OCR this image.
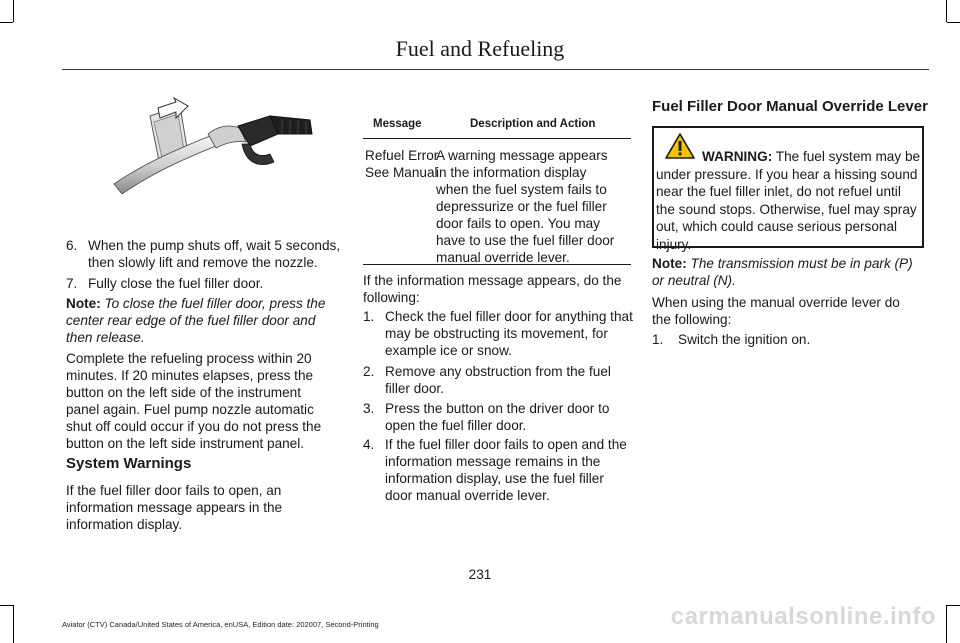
Fuel and Refueling
6. When the pump shuts off, wait 5 seconds,
then slowly lift and remove the nozzle.
7. Fully close the fuel filler door.

Note: To close the fuel filler door, press the
center rear edge of the fuel filler door and
then release.

Complete the refueling process within 20
minutes. If 20 minutes elapses, press the
button on the left side of the instrument
panel again. Fuel pump nozzle automatic
shut off could occur if you do not press the
button on the left side instrument panel.

System Warnings

If the fuel filler door fails to open, an
information message appears in the
information display.

Message	Description and Action
Refuel Error
See Manual
A warning message appears
in the information display
when the fuel system fails to
depressurize or the fuel filler
door fails to open. You may
have to use the fuel filler door
manual override lever.

If the information message appears, do the
following:

1. Check the fuel filler door for anything that
may be obstructing its movement, for
example ice or snow.
2. Remove any obstruction from the fuel
filler door.
3. Press the button on the driver door to
open the fuel filler door.
4. If the fuel filler door fails to open and the
information message remains in the
information display, use the fuel filler
door manual override lever.
Fuel Filler Door Manual Override Lever
WARNING: The fuel system may be
under pressure. If you hear a hissing sound
near the fuel filler inlet, do not refuel until
the sound stops. Otherwise, fuel may spray
out, which could cause serious personal
injury.

Note: The transmission must be in park (P)
or neutral (N).

When using the manual override lever do
the following:

1. Switch the ignition on.
231
Aviator (CTV) Canada/United States of America, enUSA, Edition date: 202007, Second-Printing	carmanualsonline.info
